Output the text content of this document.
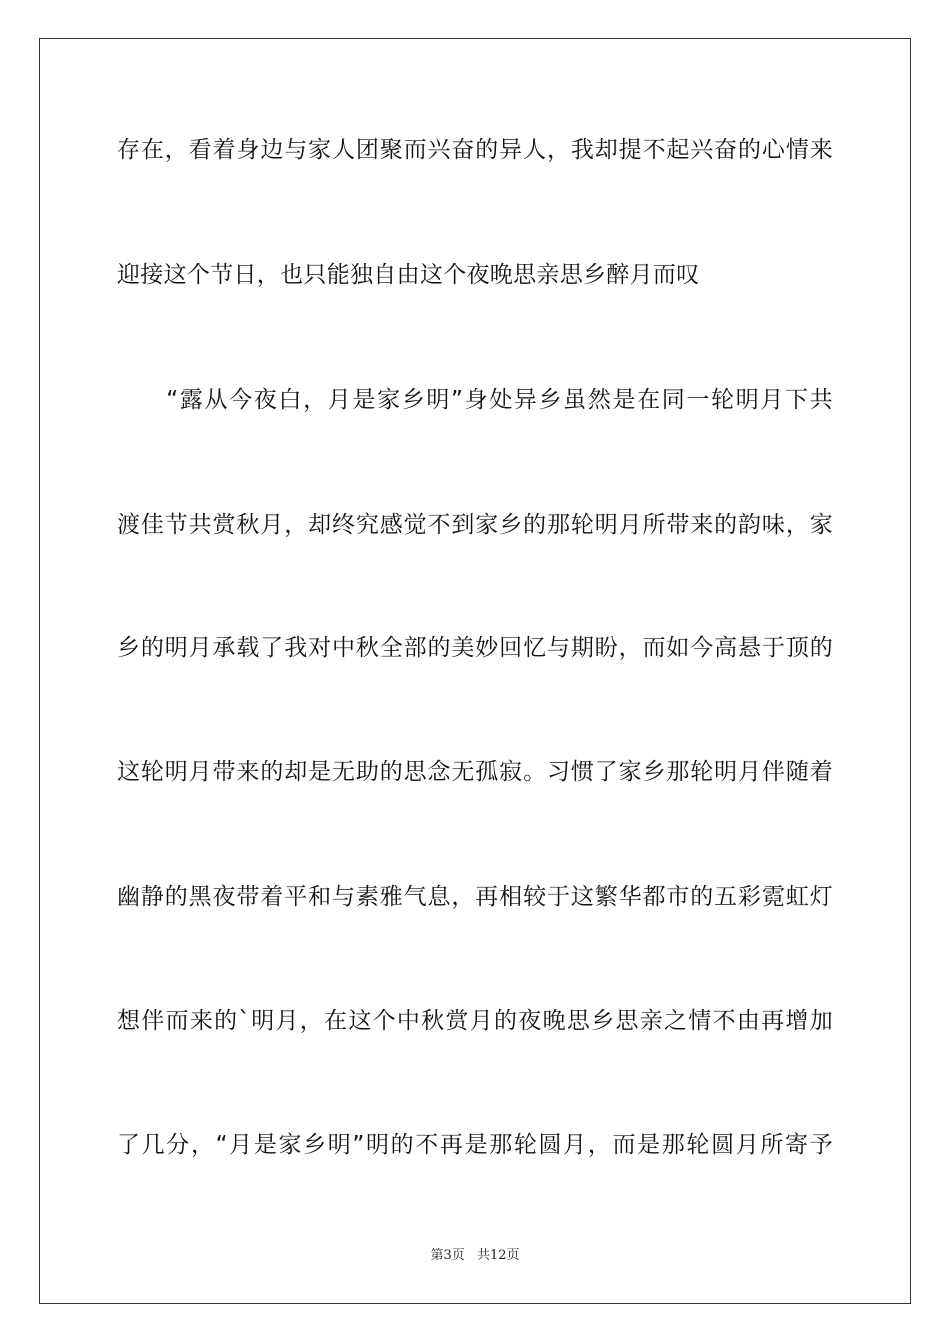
存在，看着身边与家人团聚而兴奋的异人，我却提不起兴奋的心情来
迎接这个节日，也只能独自由这个夜晚思亲思乡醉月而叹
　　“露从今夜白，月是家乡明”身处异乡虽然是在同一轮明月下共
渡佳节共赏秋月，却终究感觉不到家乡的那轮明月所带来的韵味，家
乡的明月承载了我对中秋全部的美妙回忆与期盼，而如今高悬于顶的
这轮明月带来的却是无助的思念无孤寂。习惯了家乡那轮明月伴随着
幽静的黑夜带着平和与素雅气息，再相较于这繁华都市的五彩霓虹灯
想伴而来的`明月，在这个中秋赏月的夜晚思乡思亲之情不由再增加
了几分，“月是家乡明”明的不再是那轮圆月，而是那轮圆月所寄予
第3页 共12页
